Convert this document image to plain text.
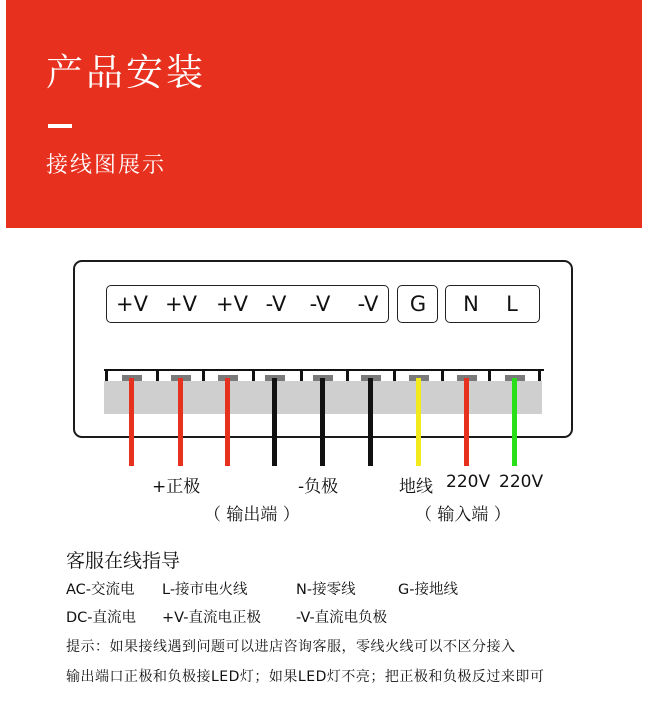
产品安装
接线图展示
+V +V +V -V	-V	-V	G	N	L
+正极	-负极
（ 输出端 ）
地线 220V 220V
（ 输入端 ）
客服在线指导
AC-交流电 L-接市电火线	N-接零线	G-接地线
DC-直流电 +V-直流电正极 -V-直流电负极
提示：如果接线遇到问题可以进店咨询客服，零线火线可以不区分接入
输出端口正极和负极接LED灯；如果LED灯不亮；把正极和负极反过来即可
